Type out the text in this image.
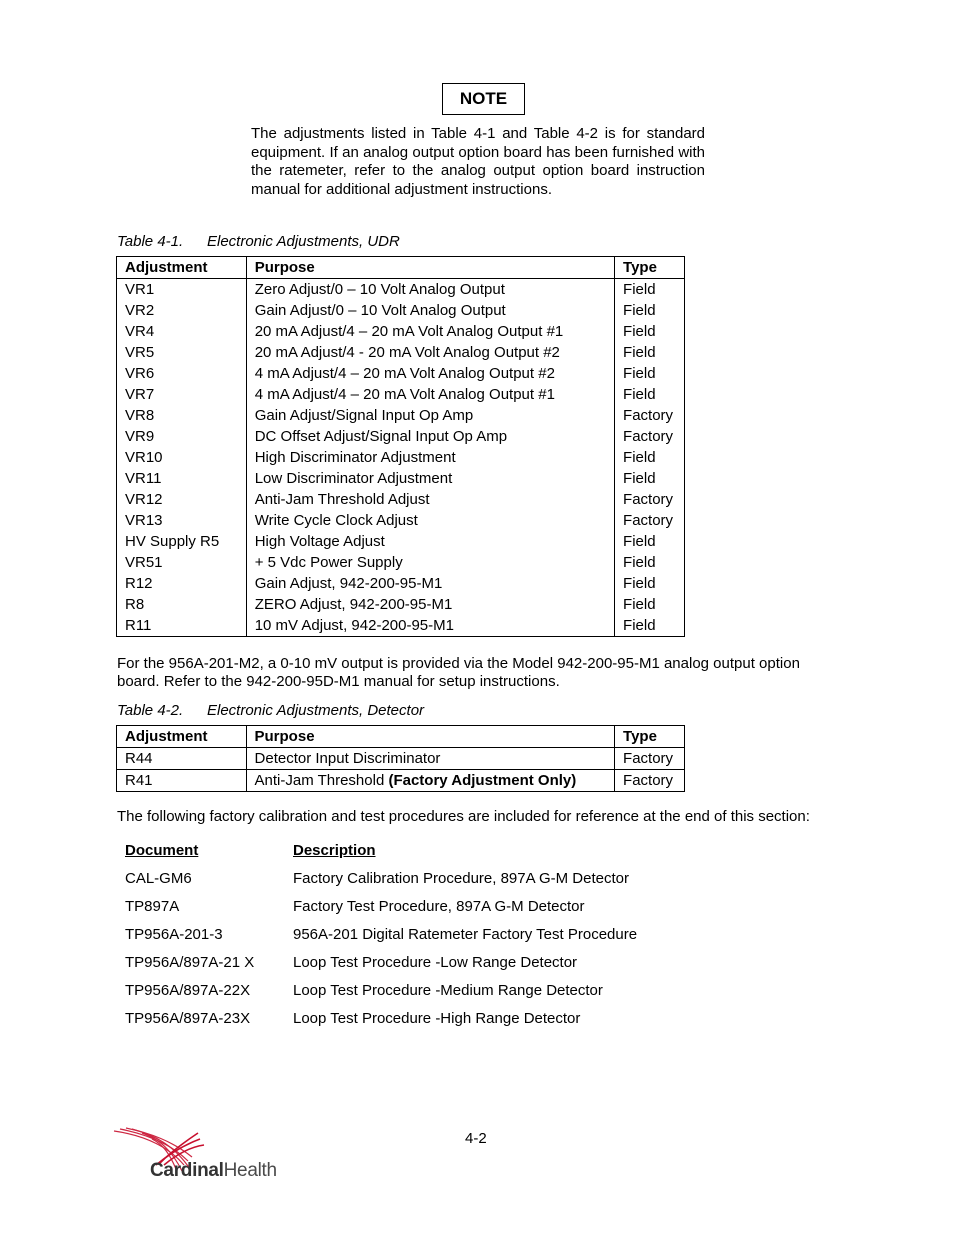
NOTE
The adjustments listed in Table 4-1 and Table 4-2 is for standard equipment. If an analog output option board has been furnished with the ratemeter, refer to the analog output option board instruction manual for additional adjustment instructions.
Table 4-1. Electronic Adjustments, UDR
Adjustment	Purpose	Type
VR1	Zero Adjust/0 – 10 Volt Analog Output	Field
VR2	Gain Adjust/0 – 10 Volt Analog Output	Field
VR4	20 mA Adjust/4 – 20 mA Volt Analog Output #1	Field
VR5	20 mA Adjust/4 - 20 mA Volt Analog Output #2	Field
VR6	4 mA Adjust/4 – 20 mA Volt Analog Output #2	Field
VR7	4 mA Adjust/4 – 20 mA Volt Analog Output #1	Field
VR8	Gain Adjust/Signal Input Op Amp	Factory
VR9	DC Offset Adjust/Signal Input Op Amp	Factory
VR10	High Discriminator Adjustment	Field
VR11	Low Discriminator Adjustment	Field
VR12	Anti-Jam Threshold Adjust	Factory
VR13	Write Cycle Clock Adjust	Factory
HV Supply R5	High Voltage Adjust	Field
VR51	+ 5 Vdc Power Supply	Field
R12	Gain Adjust, 942-200-95-M1	Field
R8	ZERO Adjust, 942-200-95-M1	Field
R11	10 mV Adjust, 942-200-95-M1	Field
For the 956A-201-M2, a 0-10 mV output is provided via the Model 942-200-95-M1 analog output option board. Refer to the 942-200-95D-M1 manual for setup instructions.
Table 4-2. Electronic Adjustments, Detector
Adjustment	Purpose	Type
R44	Detector Input Discriminator	Factory
R41	Anti-Jam Threshold (Factory Adjustment Only)	Factory
The following factory calibration and test procedures are included for reference at the end of this section:
Document	Description
CAL-GM6	Factory Calibration Procedure, 897A G-M Detector
TP897A	Factory Test Procedure, 897A G-M Detector
TP956A-201-3	956A-201 Digital Ratemeter Factory Test Procedure
TP956A/897A-21 X	Loop Test Procedure -Low Range Detector
TP956A/897A-22X	Loop Test Procedure -Medium Range Detector
TP956A/897A-23X	Loop Test Procedure -High Range Detector
4-2
CardinalHealth
